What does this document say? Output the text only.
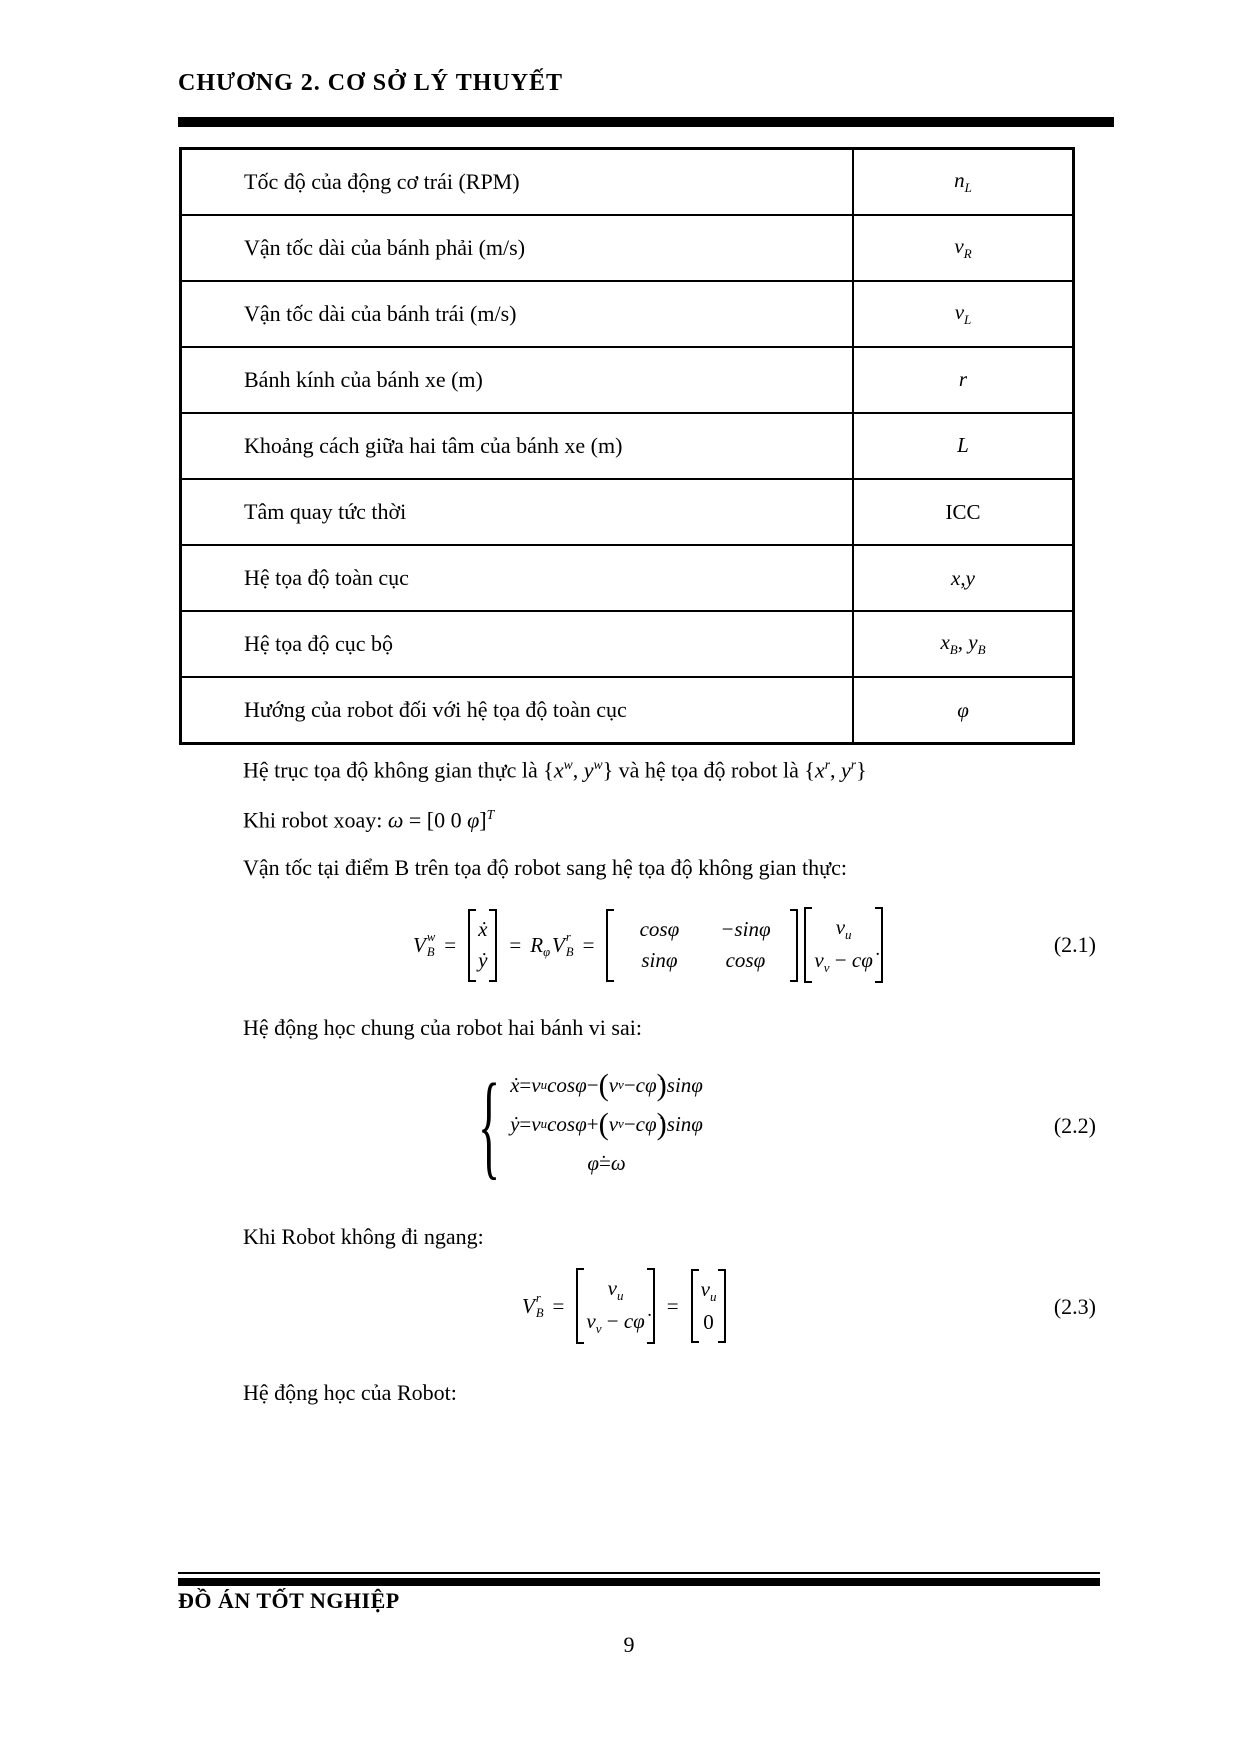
CHƯƠNG 2. CƠ SỞ LÝ THUYẾT
Tốc độ của động cơ trái (RPM)	$n_L$
Vận tốc dài của bánh phải (m/s)	$v_R$
Vận tốc dài của bánh trái (m/s)	$v_L$
Bánh kính của bánh xe (m)	r
Khoảng cách giữa hai tâm của bánh xe (m)	L
Tâm quay tức thời	ICC
Hệ tọa độ toàn cục	x,y
Hệ tọa độ cục bộ	$x_B$, $y_B$
Hướng của robot đối với hệ tọa độ toàn cục	φ
Hệ trục tọa độ không gian thực là {$x^w$, $y^w$} và hệ tọa độ robot là {$x^r$, $y^r$}
Khi robot xoay: ω = [0 0 φ̇]$^T$
Vận tốc tại điểm B trên tọa độ robot sang hệ tọa độ không gian thực:
V w
B =
ẋ
ẏ
= R φ V r
B =
cosφ	−sinφ
sinφ	cosφ
$v_u$
$v_v$ − cφ̇
(2.1)
Hệ động học chung của robot hai bánh vi sai:
{ ẋ = v u cosφ − ( v v − c φ̇ ) sinφ
ẏ = v u cosφ + ( v v − c φ̇ ) sinφ
φ̇ = ω
(2.2)
Khi Robot không đi ngang:
V r
B =
$v_u$
$v_v$ − cφ̇
=
$v_u$
0
(2.3)
Hệ động học của Robot:
ĐỒ ÁN TỐT NGHIỆP
9
